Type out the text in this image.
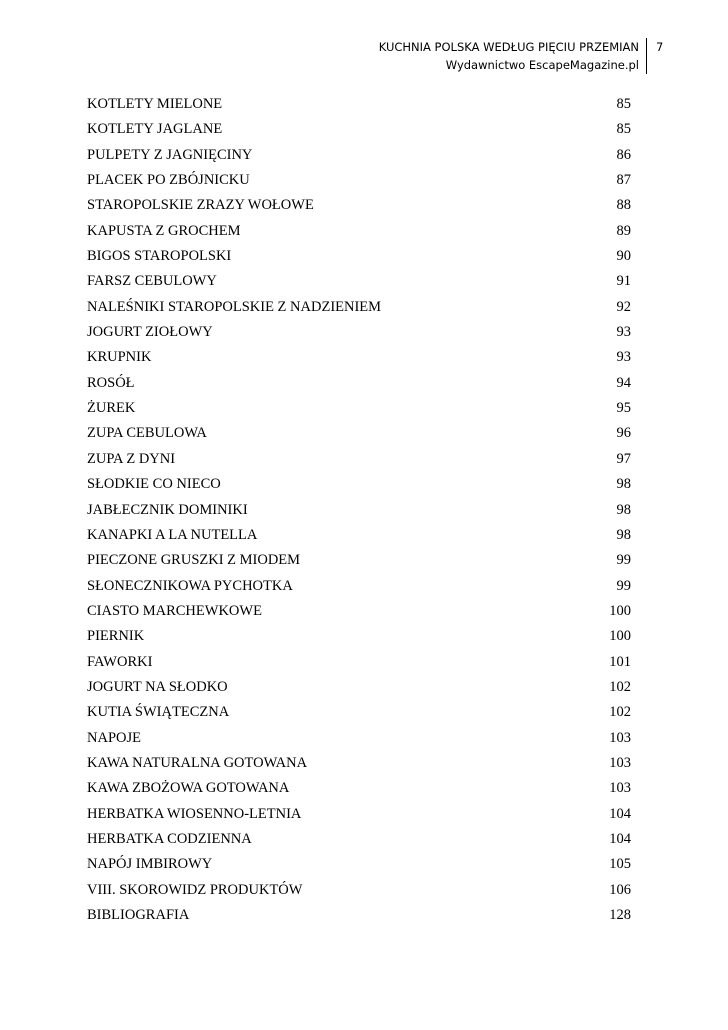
KUCHNIA POLSKA WEDŁUG PIĘCIU PRZEMIAN
Wydawnictwo EscapeMagazine.pl
7
KOTLETY MIELONE	85
KOTLETY JAGLANE	85
PULPETY Z JAGNIĘCINY	86
PLACEK PO ZBÓJNICKU	87
STAROPOLSKIE ZRAZY WOŁOWE	88
KAPUSTA Z GROCHEM	89
BIGOS STAROPOLSKI	90
FARSZ CEBULOWY	91
NALEŚNIKI STAROPOLSKIE Z NADZIENIEM	92
JOGURT ZIOŁOWY	93
KRUPNIK	93
ROSÓŁ	94
ŻUREK	95
ZUPA CEBULOWA	96
ZUPA Z DYNI	97
SŁODKIE CO NIECO	98
JABŁECZNIK DOMINIKI	98
KANAPKI A LA NUTELLA	98
PIECZONE GRUSZKI Z MIODEM	99
SŁONECZNIKOWA PYCHOTKA	99
CIASTO MARCHEWKOWE	100
PIERNIK	100
FAWORKI	101
JOGURT NA SŁODKO	102
KUTIA ŚWIĄTECZNA	102
NAPOJE	103
KAWA NATURALNA GOTOWANA	103
KAWA ZBOŻOWA GOTOWANA	103
HERBATKA WIOSENNO-LETNIA	104
HERBATKA CODZIENNA	104
NAPÓJ IMBIROWY	105
VIII. SKOROWIDZ PRODUKTÓW	106
BIBLIOGRAFIA	128
